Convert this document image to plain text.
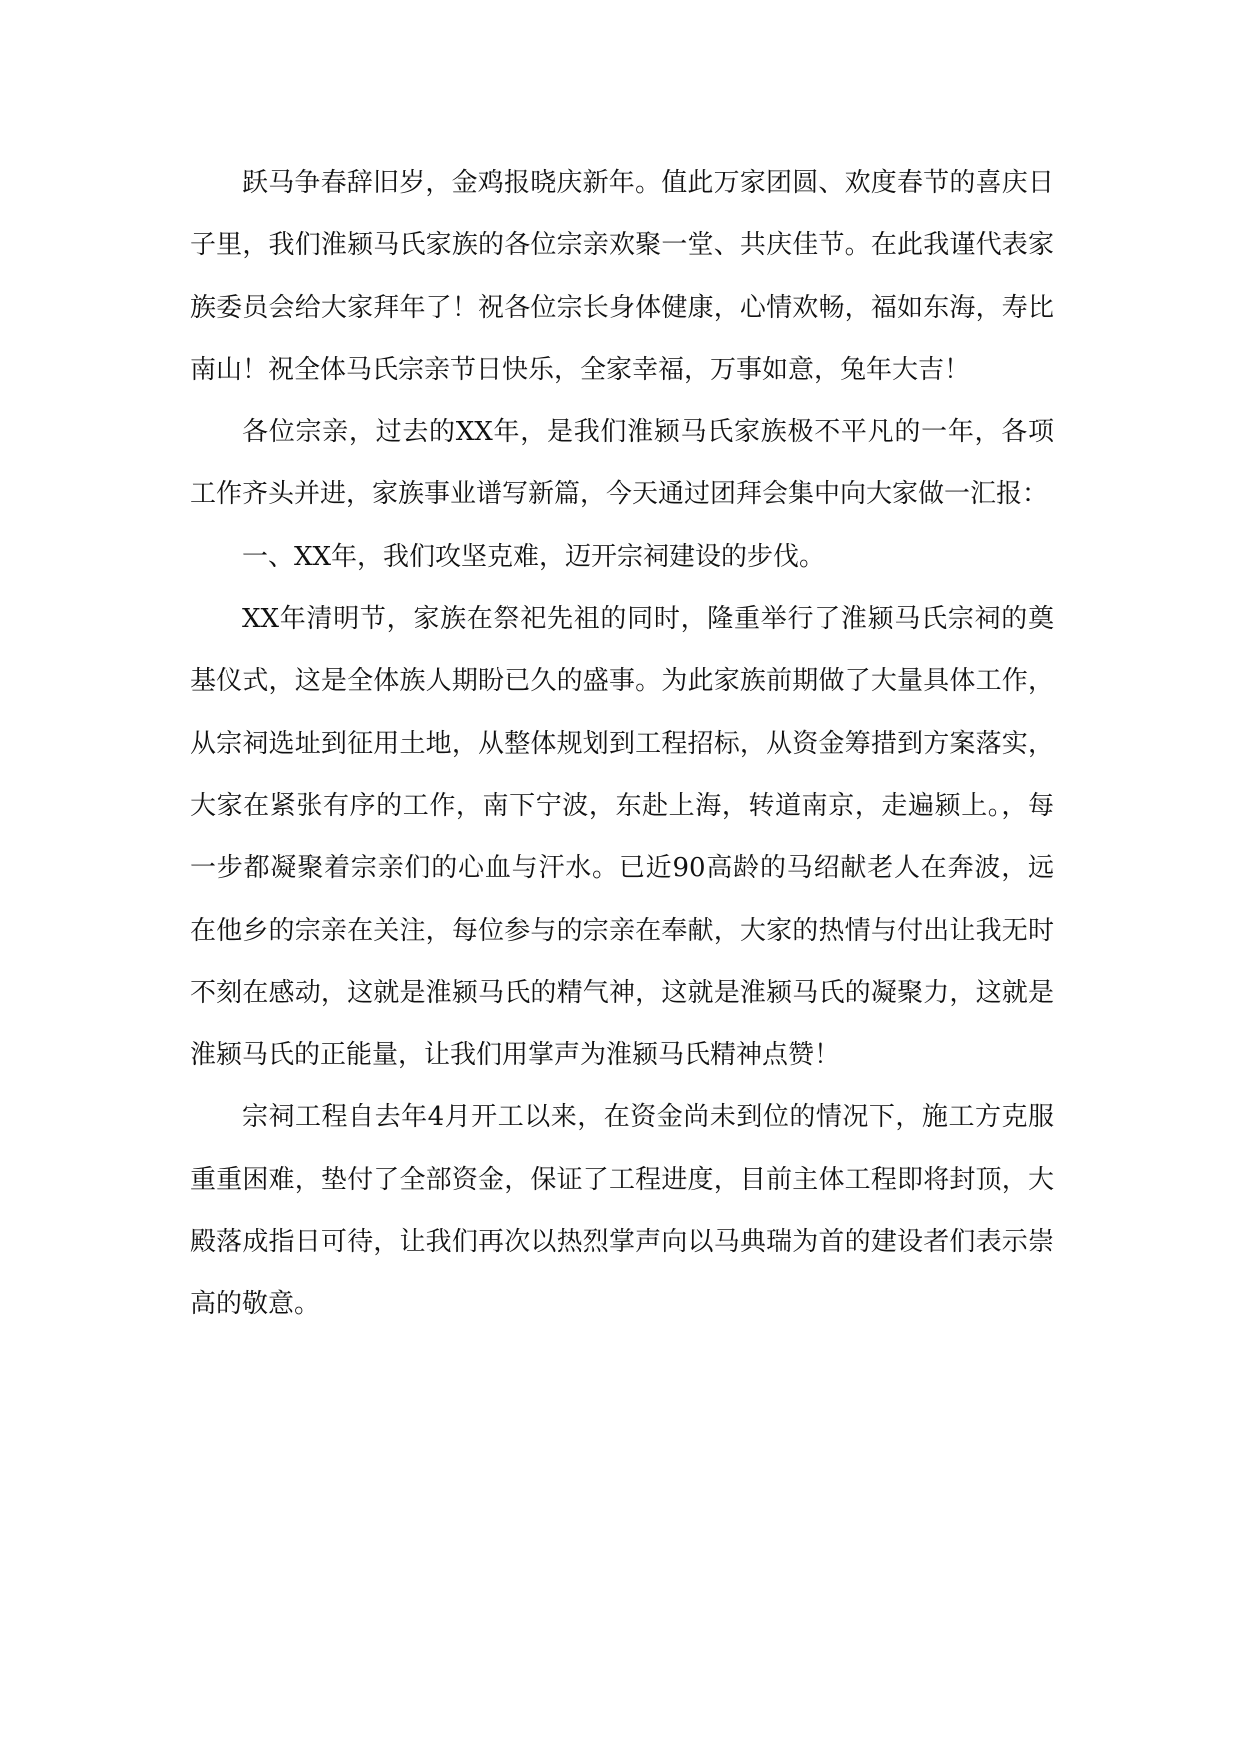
跃马争春辞旧岁，金鸡报晓庆新年。值此万家团圆、欢度春节的喜庆日子里，我们淮颍马氏家族的各位宗亲欢聚一堂、共庆佳节。在此我谨代表家族委员会给大家拜年了！祝各位宗长身体健康，心情欢畅，福如东海，寿比南山！祝全体马氏宗亲节日快乐，全家幸福，万事如意，兔年大吉！

各位宗亲，过去的XX年，是我们淮颍马氏家族极不平凡的一年，各项工作齐头并进，家族事业谱写新篇，今天通过团拜会集中向大家做一汇报：

一、XX年，我们攻坚克难，迈开宗祠建设的步伐。

XX年清明节，家族在祭祀先祖的同时，隆重举行了淮颍马氏宗祠的奠基仪式，这是全体族人期盼已久的盛事。为此家族前期做了大量具体工作，从宗祠选址到征用土地，从整体规划到工程招标，从资金筹措到方案落实，大家在紧张有序的工作，南下宁波，东赴上海，转道南京，走遍颍上。，每一步都凝聚着宗亲们的心血与汗水。已近90高龄的马绍献老人在奔波，远在他乡的宗亲在关注，每位参与的宗亲在奉献，大家的热情与付出让我无时不刻在感动，这就是淮颍马氏的精气神，这就是淮颍马氏的凝聚力，这就是淮颍马氏的正能量，让我们用掌声为淮颍马氏精神点赞！

宗祠工程自去年4月开工以来，在资金尚未到位的情况下，施工方克服重重困难，垫付了全部资金，保证了工程进度，目前主体工程即将封顶，大殿落成指日可待，让我们再次以热烈掌声向以马典瑞为首的建设者们表示崇高的敬意。
